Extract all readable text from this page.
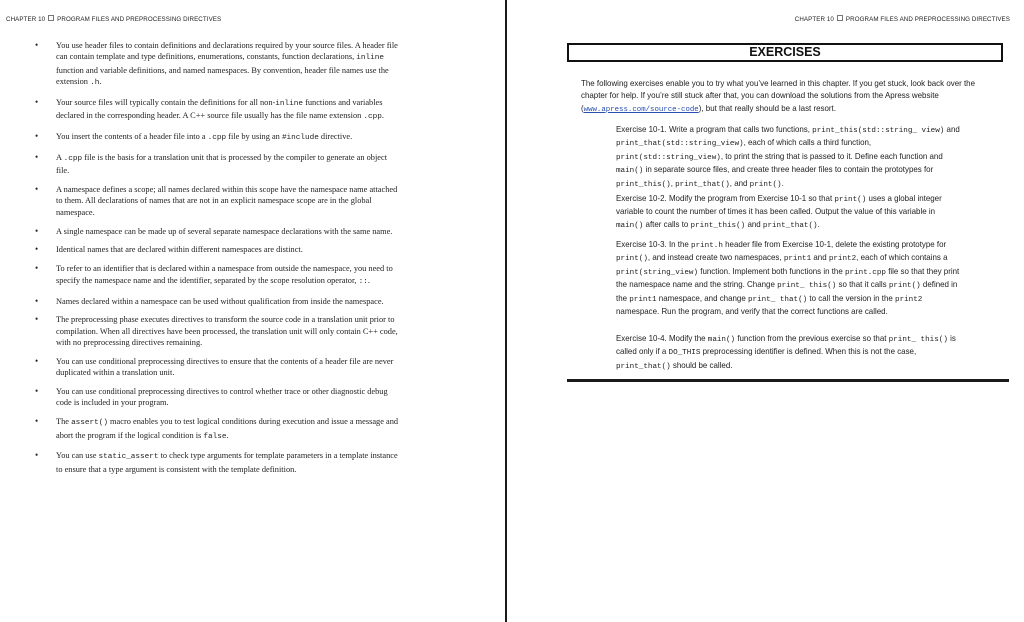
CHAPTER 10 PROGRAM FILES AND PREPROCESSING DIRECTIVES
• You use header files to contain definitions and declarations required by your source files. A header file can contain template and type definitions, enumerations, constants, function declarations, inline function and variable definitions, and named namespaces. By convention, header file names use the extension .h.
• Your source files will typically contain the definitions for all non-inline functions and variables declared in the corresponding header. A C++ source file usually has the file name extension .cpp.
• You insert the contents of a header file into a .cpp file by using an #include directive.
• A .cpp file is the basis for a translation unit that is processed by the compiler to generate an object file.
• A namespace defines a scope; all names declared within this scope have the namespace name attached to them. All declarations of names that are not in an explicit namespace scope are in the global namespace.
• A single namespace can be made up of several separate namespace declarations with the same name.
• Identical names that are declared within different namespaces are distinct.
• To refer to an identifier that is declared within a namespace from outside the namespace, you need to specify the namespace name and the identifier, separated by the scope resolution operator, ::.
• Names declared within a namespace can be used without qualification from inside the namespace.
• The preprocessing phase executes directives to transform the source code in a translation unit prior to compilation. When all directives have been processed, the translation unit will only contain C++ code, with no preprocessing directives remaining.
• You can use conditional preprocessing directives to ensure that the contents of a header file are never duplicated within a translation unit.
• You can use conditional preprocessing directives to control whether trace or other diagnostic debug code is included in your program.
• The assert() macro enables you to test logical conditions during execution and issue a message and abort the program if the logical condition is false.
• You can use static_assert to check type arguments for template parameters in a template instance to ensure that a type argument is consistent with the template definition.
CHAPTER 10 PROGRAM FILES AND PREPROCESSING DIRECTIVES
EXERCISES

The following exercises enable you to try what you’ve learned in this chapter. If you get stuck, look back over the chapter for help. If you’re still stuck after that, you can download the solutions from the Apress website (www.apress.com/source-code), but that really should be a last resort.

Exercise 10-1. Write a program that calls two functions, print_this(std::string_ view) and print_that(std::string_view), each of which calls a third function, print(std::string_view), to print the string that is passed to it. Define each function and main() in separate source files, and create three header files to contain the prototypes for print_this(), print_that(), and print().

Exercise 10-2. Modify the program from Exercise 10-1 so that print() uses a global integer variable to count the number of times it has been called. Output the value of this variable in main() after calls to print_this() and print_that().

Exercise 10-3. In the print.h header file from Exercise 10-1, delete the existing prototype for print(), and instead create two namespaces, print1 and print2, each of which contains a print(string_view) function. Implement both functions in the print.cpp file so that they print the namespace name and the string. Change print_ this() so that it calls print() defined in the print1 namespace, and change print_ that() to call the version in the print2 namespace. Run the program, and verify that the correct functions are called.

Exercise 10-4. Modify the main() function from the previous exercise so that print_ this() is called only if a DO_THIS preprocessing identifier is defined. When this is not the case, print_that() should be called.
